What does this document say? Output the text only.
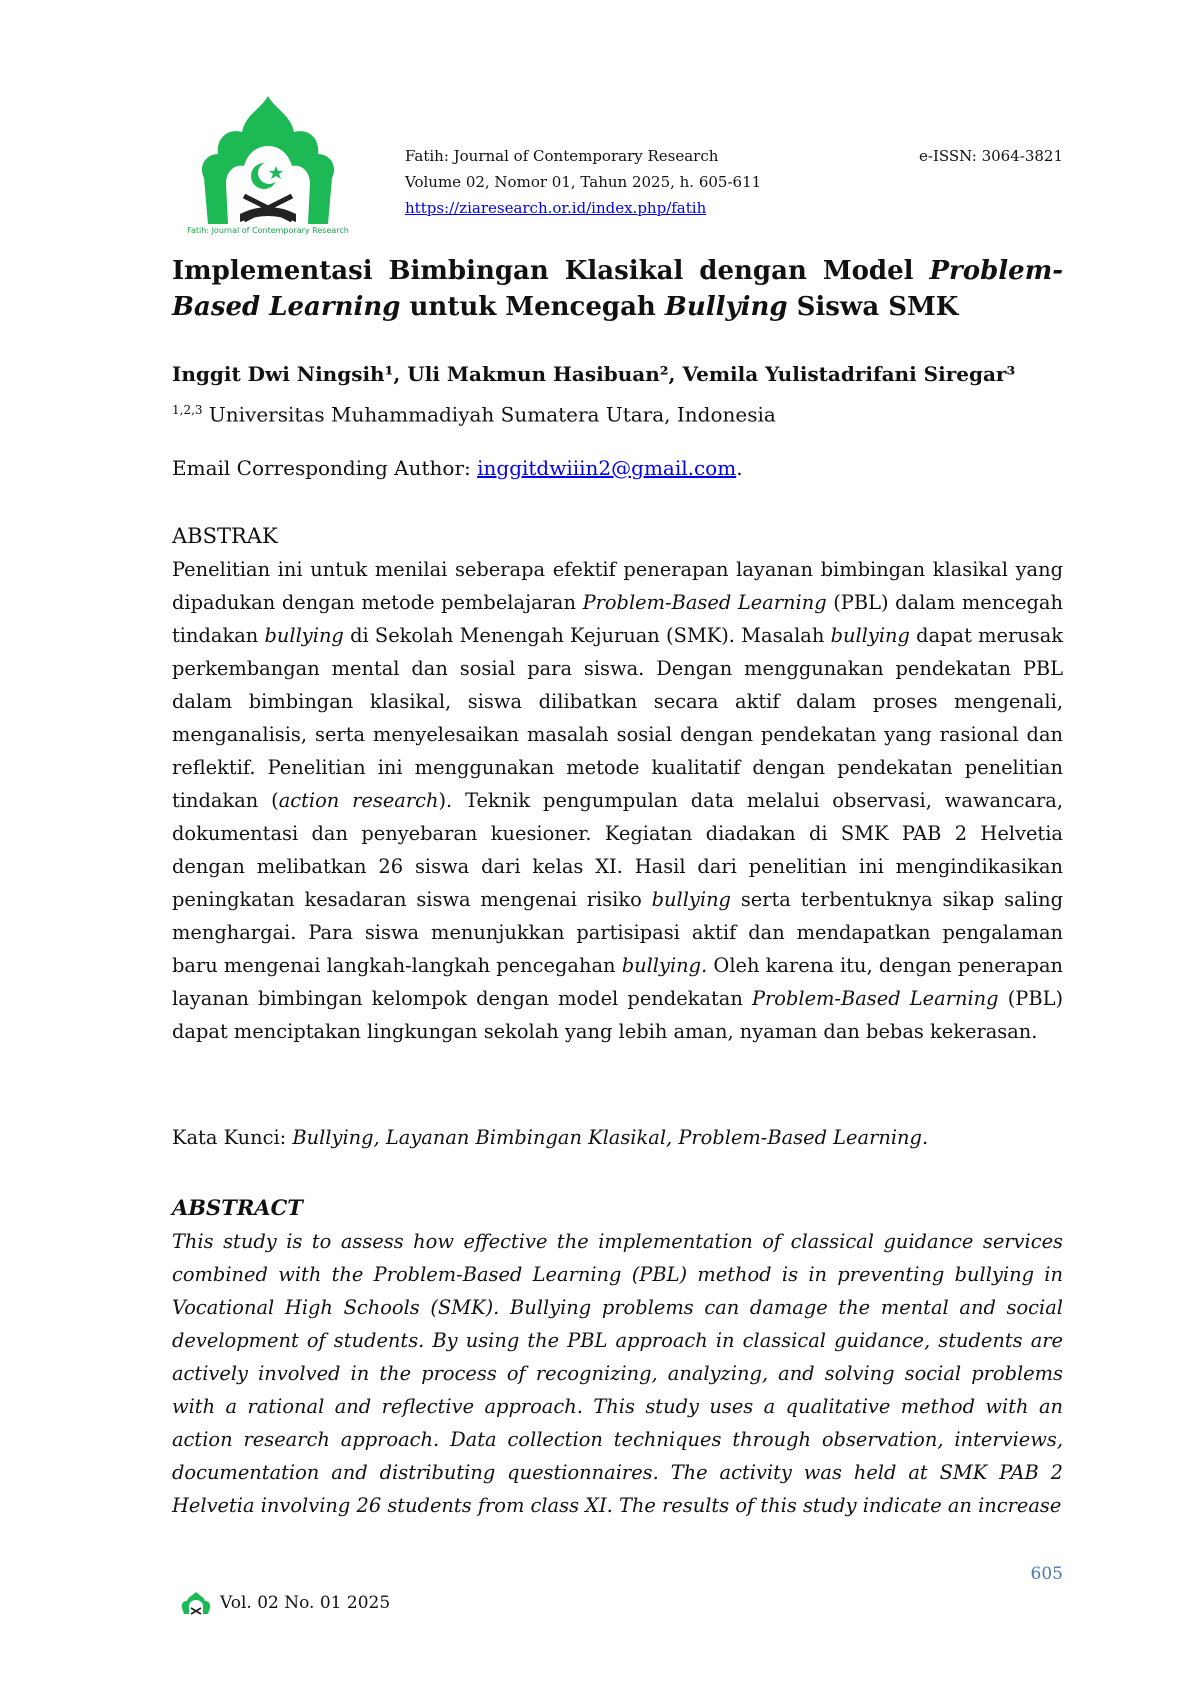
Fatih: Journal of Contemporary Research
Fatih: Journal of Contemporary Research	e-ISSN: 3064-3821
Volume 02, Nomor 01, Tahun 2025, h. 605-611
https://ziaresearch.or.id/index.php/fatih
Implementasi Bimbingan Klasikal dengan Model Problem-Based Learning untuk Mencegah Bullying Siswa SMK
Inggit Dwi Ningsih¹, Uli Makmun Hasibuan², Vemila Yulistadrifani Siregar³
$^{1,2,3}$ Universitas Muhammadiyah Sumatera Utara, Indonesia
Email Corresponding Author: inggitdwiiin2@gmail.com.
ABSTRAK

Penelitian ini untuk menilai seberapa efektif penerapan layanan bimbingan klasikal yang dipadukan dengan metode pembelajaran Problem-Based Learning (PBL) dalam mencegah tindakan bullying di Sekolah Menengah Kejuruan (SMK). Masalah bullying dapat merusak perkembangan mental dan sosial para siswa. Dengan menggunakan pendekatan PBL dalam bimbingan klasikal, siswa dilibatkan secara aktif dalam proses mengenali, menganalisis, serta menyelesaikan masalah sosial dengan pendekatan yang rasional dan reflektif. Penelitian ini menggunakan metode kualitatif dengan pendekatan penelitian tindakan (action research). Teknik pengumpulan data melalui observasi, wawancara, dokumentasi dan penyebaran kuesioner. Kegiatan diadakan di SMK PAB 2 Helvetia dengan melibatkan 26 siswa dari kelas XI. Hasil dari penelitian ini mengindikasikan peningkatan kesadaran siswa mengenai risiko bullying serta terbentuknya sikap saling menghargai. Para siswa menunjukkan partisipasi aktif dan mendapatkan pengalaman baru mengenai langkah-langkah pencegahan bullying. Oleh karena itu, dengan penerapan layanan bimbingan kelompok dengan model pendekatan Problem-Based Learning (PBL) dapat menciptakan lingkungan sekolah yang lebih aman, nyaman dan bebas kekerasan.

Kata Kunci: Bullying, Layanan Bimbingan Klasikal, Problem-Based Learning.
ABSTRACT

This study is to assess how effective the implementation of classical guidance services combined with the Problem-Based Learning (PBL) method is in preventing bullying in Vocational High Schools (SMK). Bullying problems can damage the mental and social development of students. By using the PBL approach in classical guidance, students are actively involved in the process of recognizing, analyzing, and solving social problems with a rational and reflective approach. This study uses a qualitative method with an action research approach. Data collection techniques through observation, interviews, documentation and distributing questionnaires. The activity was held at SMK PAB 2 Helvetia involving 26 students from class XI. The results of this study indicate an increase

605
Vol. 02 No. 01 2025
